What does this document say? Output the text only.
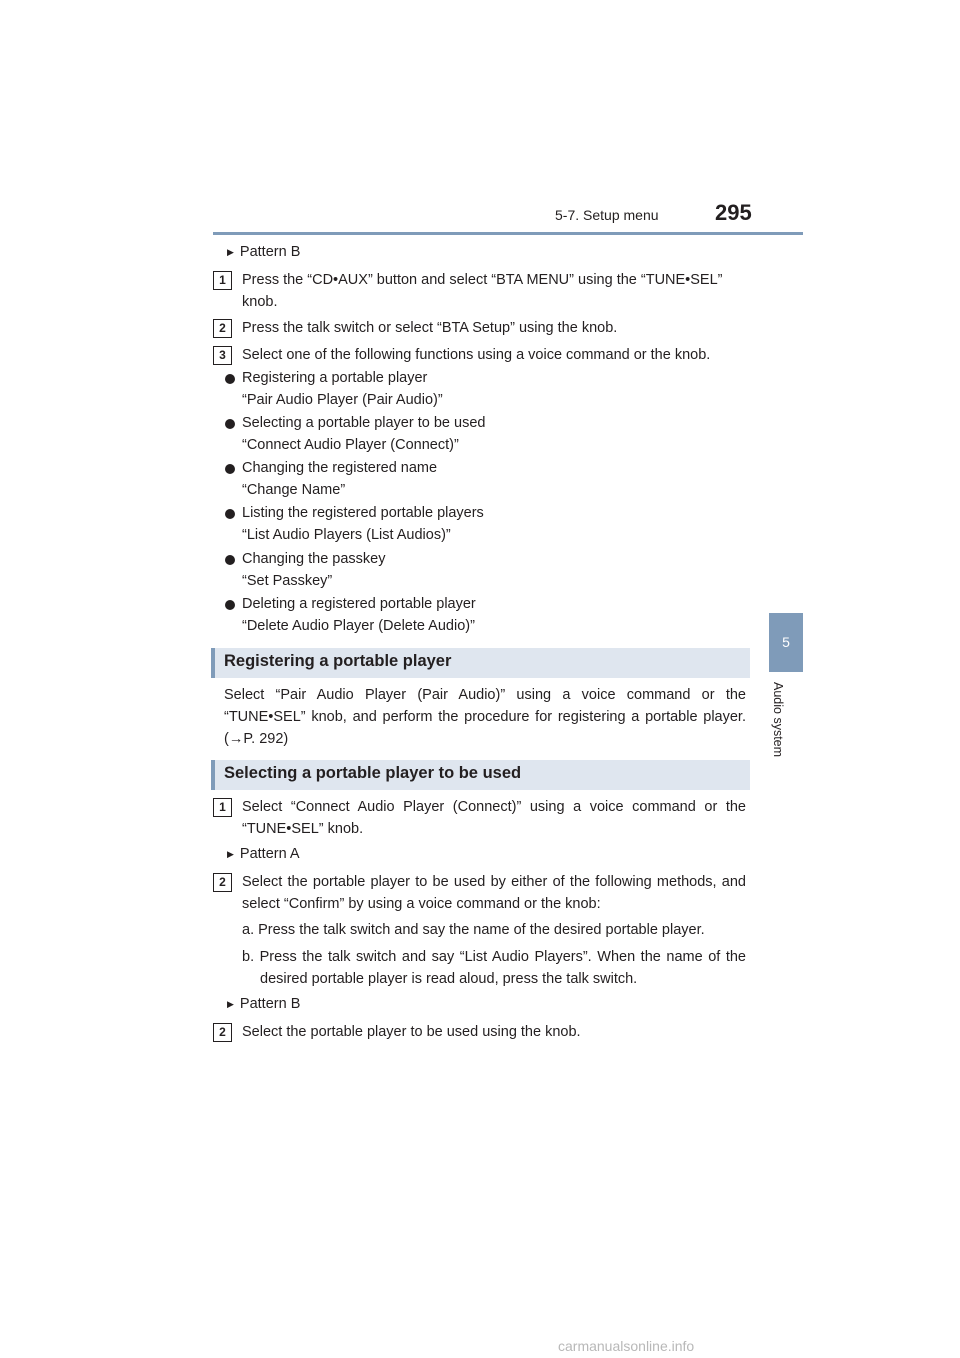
5-7. Setup menu	295
5
Audio system
▶ Pattern B
1	Press the “CD•AUX” button and select “BTA MENU” using the “TUNE•SEL”
knob.
2	Press the talk switch or select “BTA Setup” using the knob.
3	Select one of the following functions using a voice command or the knob.
Registering a portable player
“Pair Audio Player (Pair Audio)”
Selecting a portable player to be used
“Connect Audio Player (Connect)”
Changing the registered name
“Change Name”
Listing the registered portable players
“List Audio Players (List Audios)”
Changing the passkey
“Set Passkey”
Deleting a registered portable player
“Delete Audio Player (Delete Audio)”
Registering a portable player
Select “Pair Audio Player (Pair Audio)” using a voice command or the
“TUNE•SEL” knob, and perform the procedure for registering a portable player.
(→P. 292)
Selecting a portable player to be used
1	Select “Connect Audio Player (Connect)” using a voice command or the
“TUNE•SEL” knob.
▶ Pattern A
2	Select the portable player to be used by either of the following methods, and
select “Confirm” by using a voice command or the knob:
a. Press the talk switch and say the name of the desired portable player.
b. Press the talk switch and say “List Audio Players”. When the name of the
desired portable player is read aloud, press the talk switch.
▶ Pattern B
2	Select the portable player to be used using the knob.
carmanualsonline.info
